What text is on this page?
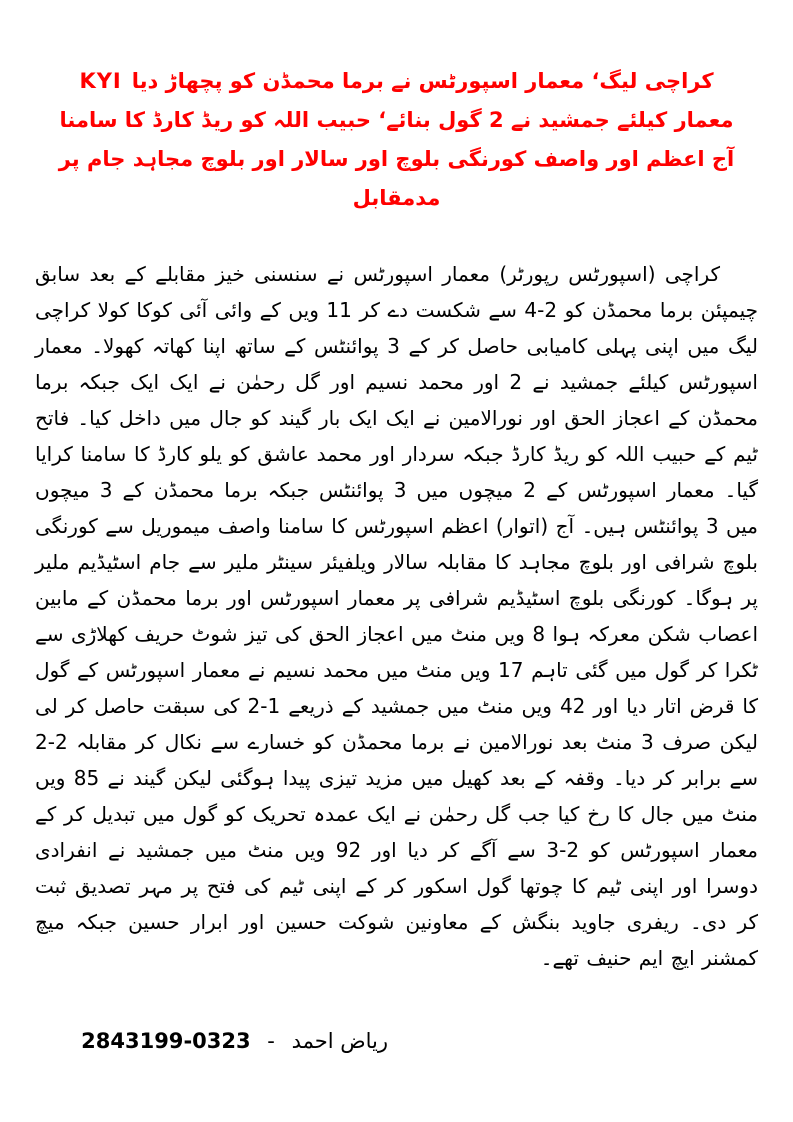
KYI کراچی لیگ‘ معمار اسپورٹس نے برما محمڈن کو پچھاڑ دیا
معمار کیلئے جمشید نے 2 گول بنائے‘ حبیب اللہ کو ریڈ کارڈ کا سامنا
آج اعظم اور واصف کورنگی بلوچ اور سالار اور بلوچ مجاہد جام پر مدمقابل

کراچی (اسپورٹس رپورٹر) معمار اسپورٹس نے سنسنی خیز مقابلے کے بعد سابق چیمپئن برما محمڈن کو 2-4 سے شکست دے کر 11 ویں کے وائی آئی کوکا کولا کراچی لیگ میں اپنی پہلی کامیابی حاصل کر کے 3 پوائنٹس کے ساتھ اپنا کھاتہ کھولا۔ معمار اسپورٹس کیلئے جمشید نے 2 اور محمد نسیم اور گل رحمٰن نے ایک ایک جبکہ برما محمڈن کے اعجاز الحق اور نورالامین نے ایک ایک بار گیند کو جال میں داخل کیا۔ فاتح ٹیم کے حبیب اللہ کو ریڈ کارڈ جبکہ سردار اور محمد عاشق کو یلو کارڈ کا سامنا کرایا گیا۔ معمار اسپورٹس کے 2 میچوں میں 3 پوائنٹس جبکہ برما محمڈن کے 3 میچوں میں 3 پوائنٹس ہیں۔ آج (اتوار) اعظم اسپورٹس کا سامنا واصف میموریل سے کورنگی بلوچ شرافی اور بلوچ مجاہد کا مقابلہ سالار ویلفیئر سینٹر ملیر سے جام اسٹیڈیم ملیر پر ہوگا۔ کورنگی بلوچ اسٹیڈیم شرافی پر معمار اسپورٹس اور برما محمڈن کے مابین اعصاب شکن معرکہ ہوا 8 ویں منٹ میں اعجاز الحق کی تیز شوٹ حریف کھلاڑی سے ٹکرا کر گول میں گئی تاہم 17 ویں منٹ میں محمد نسیم نے معمار اسپورٹس کے گول کا قرض اتار دیا اور 42 ویں منٹ میں جمشید کے ذریعے 1-2 کی سبقت حاصل کر لی لیکن صرف 3 منٹ بعد نورالامین نے برما محمڈن کو خسارے سے نکال کر مقابلہ 2-2 سے برابر کر دیا۔ وقفہ کے بعد کھیل میں مزید تیزی پیدا ہوگئی لیکن گیند نے 85 ویں منٹ میں جال کا رخ کیا جب گل رحمٰن نے ایک عمدہ تحریک کو گول میں تبدیل کر کے معمار اسپورٹس کو 2-3 سے آگے کر دیا اور 92 ویں منٹ میں جمشید نے انفرادی دوسرا اور اپنی ٹیم کا چوتھا گول اسکور کر کے اپنی ٹیم کی فتح پر مہر تصدیق ثبت کر دی۔ ریفری جاوید بنگش کے معاونین شوکت حسین اور ابرار حسین جبکہ میچ کمشنر ایچ ایم حنیف تھے۔

ریاض احمد - 0323-2843199
